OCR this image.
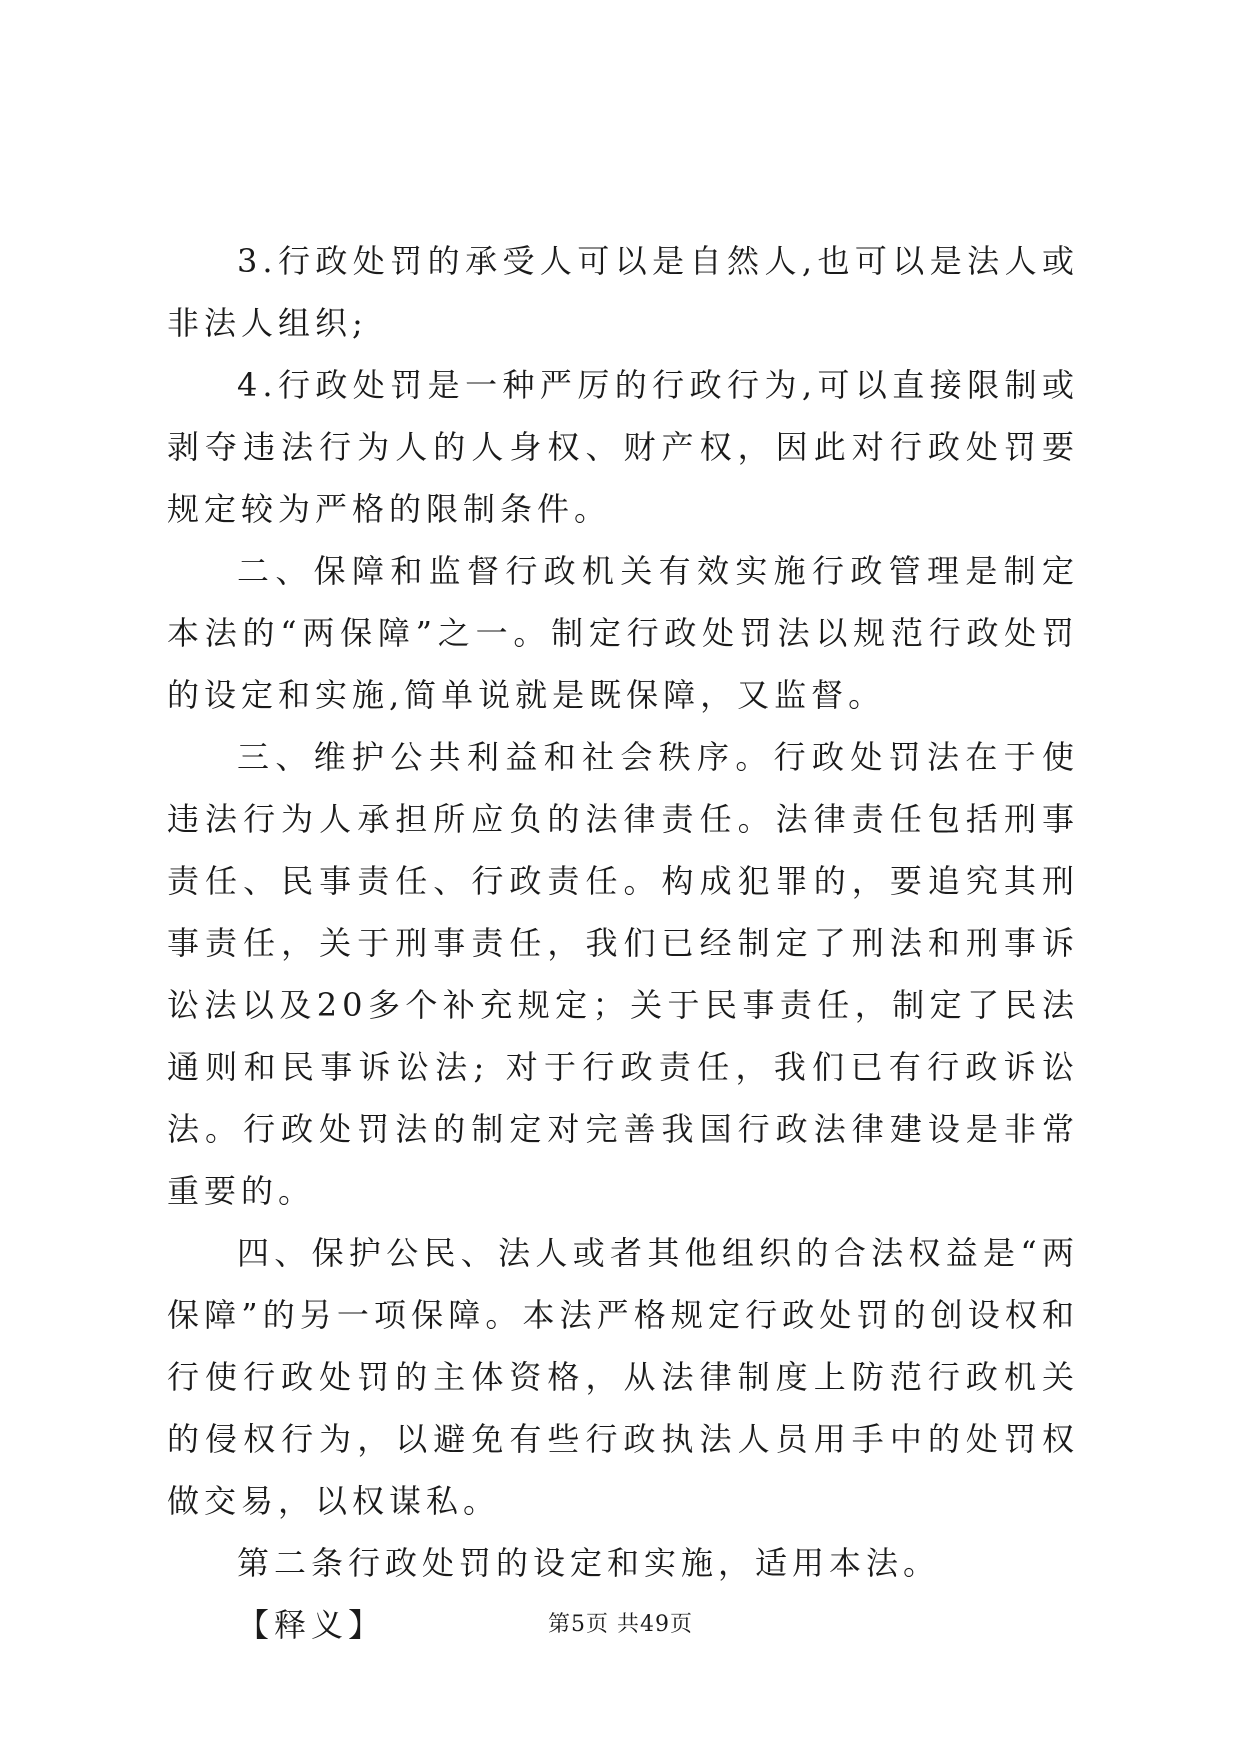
3.行政处罚的承受人可以是自然人,也可以是法人或非法人组织;

4.行政处罚是一种严厉的行政行为,可以直接限制或剥夺违法行为人的人身权、财产权，因此对行政处罚要规定较为严格的限制条件。

二、保障和监督行政机关有效实施行政管理是制定本法的“两保障”之一。制定行政处罚法以规范行政处罚的设定和实施,简单说就是既保障，又监督。

三、维护公共利益和社会秩序。行政处罚法在于使违法行为人承担所应负的法律责任。法律责任包括刑事责任、民事责任、行政责任。构成犯罪的，要追究其刑事责任，关于刑事责任，我们已经制定了刑法和刑事诉讼法以及20多个补充规定；关于民事责任，制定了民法通则和民事诉讼法; 对于行政责任，我们已有行政诉讼法。行政处罚法的制定对完善我国行政法律建设是非常重要的。

四、保护公民、法人或者其他组织的合法权益是“两保障”的另一项保障。本法严格规定行政处罚的创设权和行使行政处罚的主体资格，从法律制度上防范行政机关的侵权行为，以避免有些行政执法人员用手中的处罚权做交易，以权谋私。

第二条行政处罚的设定和实施，适用本法。

【释义】	第5页 共49页
